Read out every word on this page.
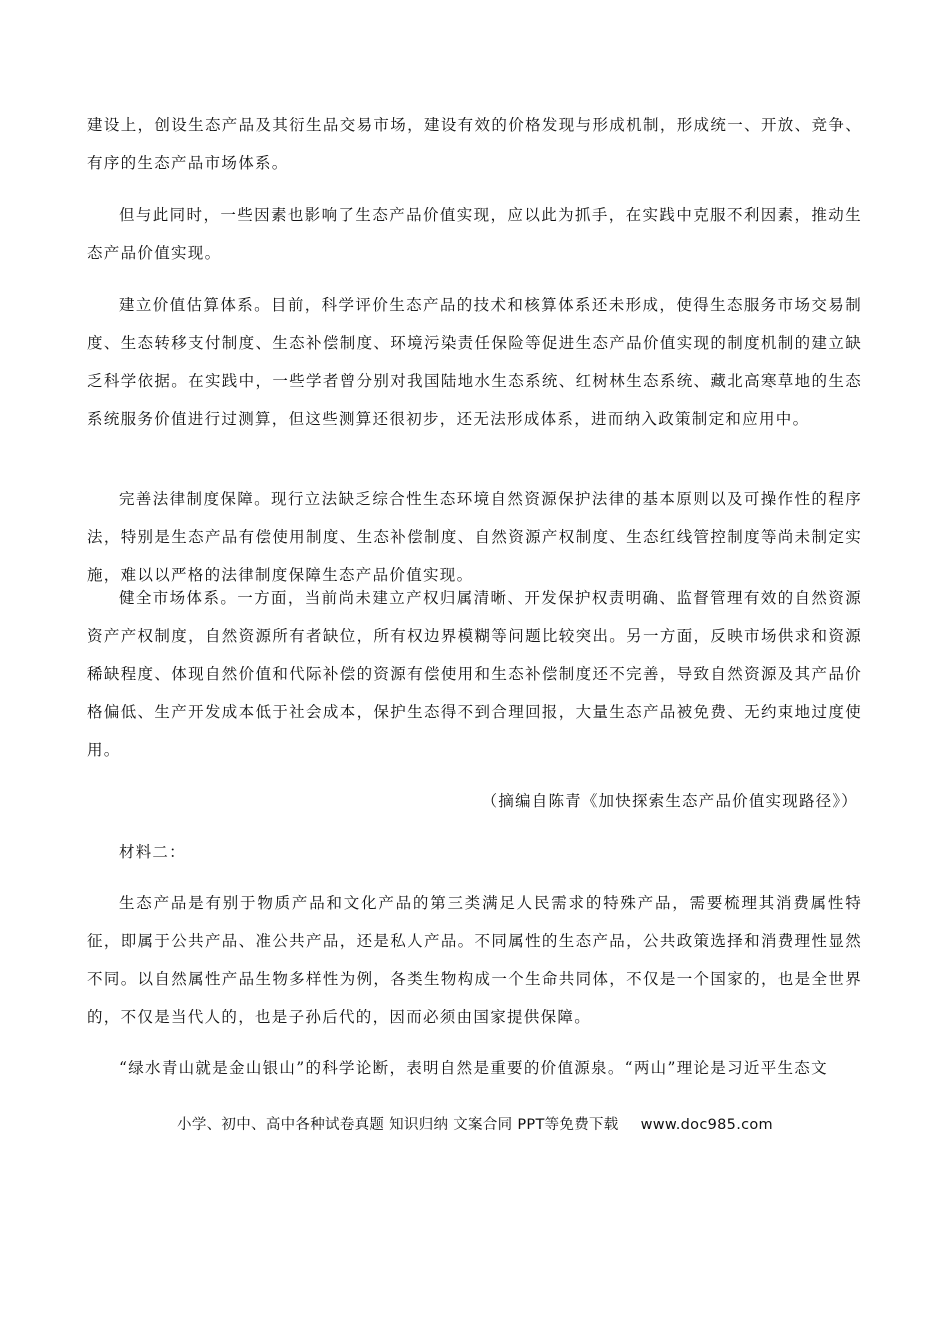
建设上，创设生态产品及其衍生品交易市场，建设有效的价格发现与形成机制，形成统一、开放、竞争、有序的生态产品市场体系。

但与此同时，一些因素也影响了生态产品价值实现，应以此为抓手，在实践中克服不利因素，推动生态产品价值实现。

建立价值估算体系。目前，科学评价生态产品的技术和核算体系还未形成，使得生态服务市场交易制度、生态转移支付制度、生态补偿制度、环境污染责任保险等促进生态产品价值实现的制度机制的建立缺乏科学依据。在实践中，一些学者曾分别对我国陆地水生态系统、红树林生态系统、藏北高寒草地的生态系统服务价值进行过测算，但这些测算还很初步，还无法形成体系，进而纳入政策制定和应用中。

完善法律制度保障。现行立法缺乏综合性生态环境自然资源保护法律的基本原则以及可操作性的程序法，特别是生态产品有偿使用制度、生态补偿制度、自然资源产权制度、生态红线管控制度等尚未制定实施，难以以严格的法律制度保障生态产品价值实现。

健全市场体系。一方面，当前尚未建立产权归属清晰、开发保护权责明确、监督管理有效的自然资源资产产权制度，自然资源所有者缺位，所有权边界模糊等问题比较突出。另一方面，反映市场供求和资源稀缺程度、体现自然价值和代际补偿的资源有偿使用和生态补偿制度还不完善，导致自然资源及其产品价格偏低、生产开发成本低于社会成本，保护生态得不到合理回报，大量生态产品被免费、无约束地过度使用。

（摘编自陈青《加快探索生态产品价值实现路径》）

材料二：

生态产品是有别于物质产品和文化产品的第三类满足人民需求的特殊产品，需要梳理其消费属性特征，即属于公共产品、准公共产品，还是私人产品。不同属性的生态产品，公共政策选择和消费理性显然不同。以自然属性产品生物多样性为例，各类生物构成一个生命共同体，不仅是一个国家的，也是全世界的，不仅是当代人的，也是子孙后代的，因而必须由国家提供保障。

“绿水青山就是金山银山”的科学论断，表明自然是重要的价值源泉。“两山”理论是习近平生态文

小学、初中、高中各种试卷真题 知识归纳 文案合同 PPT等免费下载 www.doc985.com
